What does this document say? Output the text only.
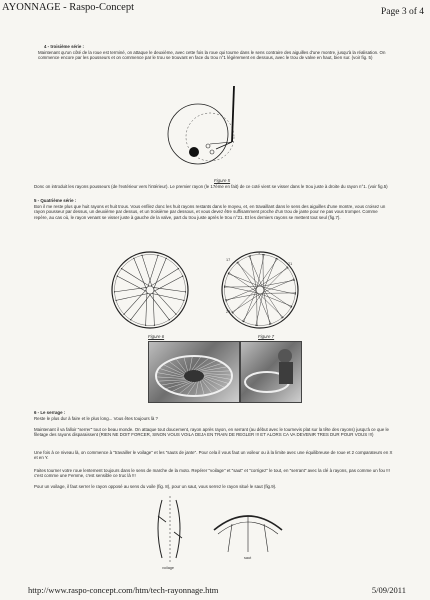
AYONNAGE - Raspo-Concept	Page 3 of 4
4 - troisième série :
Maintenant qu'un côté de la roue est terminé, on attaque le deuxième, avec cette fois la roue qui tourne dans le sens contraire des aiguilles d'une montre, jusqu'à la réalisation. On commence encore par les pousseurs et on commence par le trou se trouvant en face du trou n°1 légèrement en dessous, avec le trou de valve en haut, bien sur. (voir fig. 5)
Figure 5
Donc on introduit les rayons pousseurs (de l'extérieur vers l'intérieur). Le premier rayon (le 17ème en fait) de ce coté vient se visser dans le trou juste à droite du rayon n°1. (voir fig.5)
5 - Quatrième série :
Bon il me reste plus que huit rayons et huit trous. Vous enfilez donc les huit rayons restants dans le moyeu, et, en travaillant dans le sens des aiguilles d'une montre, vous croisez un rayon pousseur par dessus, un deuxième par dessus, et un troisième par dessous, et vous devez être suffisamment proche d'un trou de jante pour ne pas vous tromper. Comme repère, au cas où, le rayon venant se visser juste à gauche de la valve, part du trou juste après le trou n°21. Et les derniers rayons se mettent tout seul (fig.7).
Figure 6	Figure 7
17
21
29
1
6 - Le serrage :
Reste le plus dur à faire et le plus long... Vous êtes toujours là ?
Maintenant il va falloir "serrer" tout ce beau monde. On attaque tout doucement, rayon après rayon, en serrant (au début avec le tournevis plat sur la tête des rayons) jusqu'à ce que le filetage des rayons disparaissent (RIEN NE DOIT FORCER, SINON VOUS VOILA DEJA EN TRAIN DE REGLER !!! ET ALORS CA VA DEVENIR TRES DUR POUR VOUS !!!)
Une fois à ce niveau là, on commence à "travailler le voilage" et les "sauts de jante". Pour cela il vous faut un voileur ou à la limite avec une équilibreuse de roue et 2 comparateurs en X et en Y.
Faites tourner votre roue lentement toujours dans le sens de marche de la moto. Repérer "voilage" et "saut" et "corrigez" le tout, en "serrant" avec la clé à rayons, pas comme un fou !!! c'est comme une Femme, c'est sensible ce truc là !!!
Pour un voilage, il faut serrer le rayon opposé au sens du voile (fig. 8), pour un saut, vous serrez le rayon situé le saut (fig.9).
voilage
saut
http://www.raspo-concept.com/htm/tech-rayonnage.htm	5/09/2011
